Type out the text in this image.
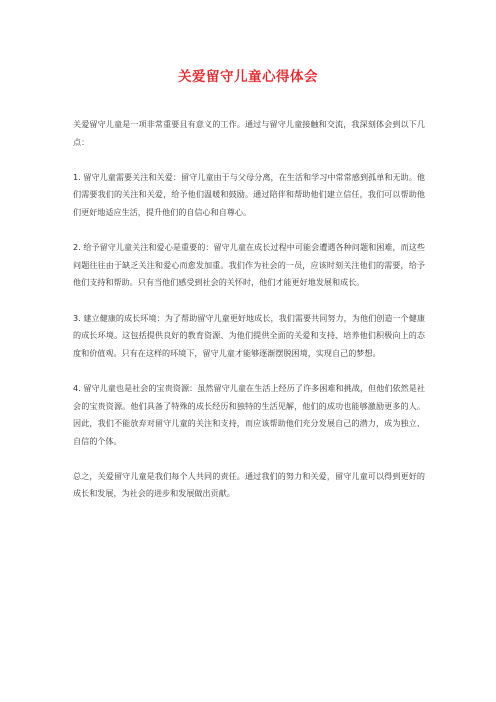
关爱留守儿童心得体会

关爱留守儿童是一项非常重要且有意义的工作。通过与留守儿童接触和交流，我深刻体会到以下几点：

1. 留守儿童需要关注和关爱：留守儿童由于与父母分离，在生活和学习中常常感到孤单和无助。他们需要我们的关注和关爱，给予他们温暖和鼓励。通过陪伴和帮助他们建立信任，我们可以帮助他们更好地适应生活，提升他们的自信心和自尊心。

2. 给予留守儿童关注和爱心是重要的：留守儿童在成长过程中可能会遭遇各种问题和困难，而这些问题往往由于缺乏关注和爱心而愈发加重。我们作为社会的一员，应该时刻关注他们的需要，给予他们支持和帮助。只有当他们感受到社会的关怀时，他们才能更好地发展和成长。

3. 建立健康的成长环境：为了帮助留守儿童更好地成长，我们需要共同努力，为他们创造一个健康的成长环境。这包括提供良好的教育资源、为他们提供全面的关爱和支持、培养他们积极向上的态度和价值观。只有在这样的环境下，留守儿童才能够逐渐摆脱困境，实现自己的梦想。

4. 留守儿童也是社会的宝贵资源：虽然留守儿童在生活上经历了许多困难和挑战，但他们依然是社会的宝贵资源。他们具备了特殊的成长经历和独特的生活见解，他们的成功也能够激励更多的人。因此，我们不能放弃对留守儿童的关注和支持，而应该帮助他们充分发展自己的潜力，成为独立、自信的个体。

总之，关爱留守儿童是我们每个人共同的责任。通过我们的努力和关爱，留守儿童可以得到更好的成长和发展，为社会的进步和发展做出贡献。
